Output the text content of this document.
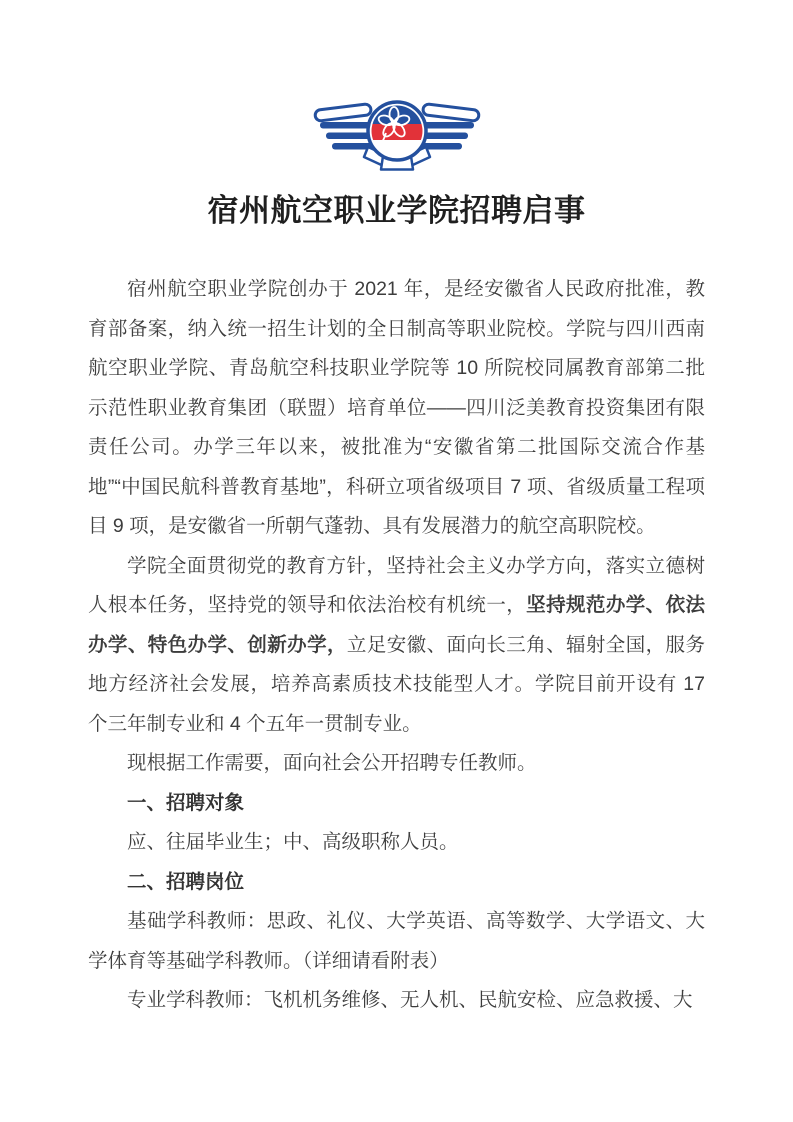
宿州航空职业学院招聘启事

宿州航空职业学院创办于 2021 年，是经安徽省人民政府批准，教育部备案，纳入统一招生计划的全日制高等职业院校。学院与四川西南航空职业学院、青岛航空科技职业学院等 10 所院校同属教育部第二批示范性职业教育集团（联盟）培育单位——四川泛美教育投资集团有限责任公司。办学三年以来，被批准为“安徽省第二批国际交流合作基地”“中国民航科普教育基地”，科研立项省级项目 7 项、省级质量工程项目 9 项，是安徽省一所朝气蓬勃、具有发展潜力的航空高职院校。

学院全面贯彻党的教育方针，坚持社会主义办学方向，落实立德树人根本任务，坚持党的领导和依法治校有机统一，坚持规范办学、依法办学、特色办学、创新办学，立足安徽、面向长三角、辐射全国，服务地方经济社会发展，培养高素质技术技能型人才。学院目前开设有 17 个三年制专业和 4 个五年一贯制专业。

现根据工作需要，面向社会公开招聘专任教师。

一、招聘对象

应、往届毕业生；中、高级职称人员。

二、招聘岗位

基础学科教师：思政、礼仪、大学英语、高等数学、大学语文、大学体育等基础学科教师。（详细请看附表）

专业学科教师：飞机机务维修、无人机、民航安检、应急救援、大
